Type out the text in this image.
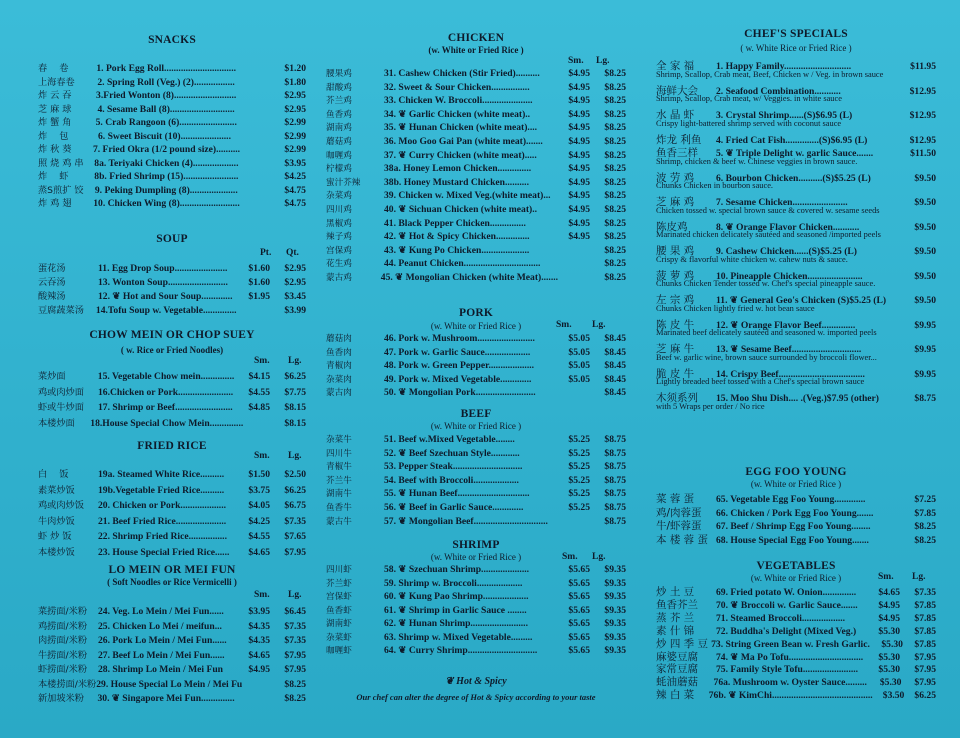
SNACKS
春　 卷	1. Pork Egg Roll..............................	$1.20
上海春卷	2. Spring Roll (Veg.) (2).................	$1.80
炸 云 吞	3.Fried Wonton (8)..........................	$2.95
芝 麻 球	4. Sesame Ball (8)...........................	$2.95
炸 蟹 角	5. Crab Rangoon (6)........................	$2.99
炸　 包	6. Sweet Biscuit (10).....................	$2.99
炸 秋 葵	7. Fried Okra (1/2 pound size)..........	$2.99
照 烧 鸡 串	8a. Teriyaki Chicken (4)...................	$3.95
炸　 虾	8b. Fried Shrimp (15).......................	$4.25
蒸S煎扩 饺	9. Peking Dumpling (8)....................	$4.75
炸 鸡 翅	10. Chicken Wing (8).........................	$4.75
SOUP
Pt. Qt.
蛋花汤	11. Egg Drop Soup......................	$1.60	$2.95
云吞汤	13. Wonton Soup.........................	$1.60	$2.95
酸辣汤	12. ❦ Hot and Sour Soup.............	$1.95	$3.45
豆腐蔬菜汤	14.Tofu Soup w. Vegetable..............	$3.99
CHOW MEIN OR CHOP SUEY
( w. Rice or Fried Noodles)
Sm. Lg.
菜炒面	15. Vegetable Chow mein..............	$4.15	$6.25
鸡或肉炒面	16.Chicken or Pork.......................	$4.55	$7.75
虾或牛炒面	17. Shrimp or Beef........................	$4.85	$8.15
本楼炒面	18.House Special Chow Mein..............	$8.15
FRIED RICE
Sm. Lg.
白　 饭	19a. Steamed White Rice..........	$1.50	$2.50
素菜炒饭	19b.Vegetable Fried Rice..........	$3.75	$6.25
鸡或肉炒饭	20. Chicken or Pork...................	$4.05	$6.75
牛肉炒饭	21. Beef Fried Rice.....................	$4.25	$7.35
虾 炒 饭	22. Shrimp Fried Rice................	$4.55	$7.65
本楼炒饭	23. House Special Fried Rice......	$4.65	$7.95
LO MEIN OR MEI FUN
( Soft Noodles or Rice Vermicelli )
Sm. Lg.
菜捞面/米粉	24. Veg. Lo Mein / Mei Fun......	$3.95	$6.45
鸡捞面/米粉	25. Chicken Lo Mei / meifun...	$4.35	$7.35
肉捞面/米粉	26. Pork Lo Mein / Mei Fun......	$4.35	$7.35
牛捞面/米粉	27. Beef Lo Mein / Mei Fun......	$4.65	$7.95
虾捞面/米粉	28. Shrimp Lo Mein / Mei Fun	$4.95	$7.95
本楼捞面/米粉 29. House Special Lo Mein / Mei Fu	$8.25
新加坡米粉	30. ❦ Singapore Mei Fun..............	$8.25
CHICKEN
(w. White or Fried Rice )
Sm. Lg.
腰果鸡	31. Cashew Chicken (Stir Fried)..........	$4.95	$8.25
甜酸鸡	32. Sweet & Sour Chicken................	$4.95	$8.25
芥兰鸡	33. Chicken W. Broccoli.....................	$4.95	$8.25
鱼香鸡	34. ❦ Garlic Chicken (white meat)..	$4.95	$8.25
湖南鸡	35. ❦ Hunan Chicken (white meat)....	$4.95	$8.25
蘑菇鸡	36. Moo Goo Gai Pan (white meat).......	$4.95	$8.25
咖喱鸡	37. ❦ Curry Chicken (white meat).....	$4.95	$8.25
柠檬鸡	38a. Honey Lemon Chicken..............	$4.95	$8.25
蜜汁芥辣	38b. Honey Mustard Chicken..........	$4.95	$8.25
杂菜鸡	39. Chicken w. Mixed Veg.(white meat)...	$4.95	$8.25
四川鸡	40. ❦ Sichuan Chicken (white meat)..	$4.95	$8.25
黑椒鸡	41. Black Pepper Chicken...............	$4.95	$8.25
辣子鸡	42. ❦ Hot & Spicy Chicken..............	$4.95	$8.25
宫保鸡	43. ❦ Kung Po Chicken....................	$8.25
花生鸡	44. Peanut Chicken................................	$8.25
蒙古鸡	45. ❦ Mongolian Chicken (white Meat).......	$8.25
PORK
(w. White or Fried Rice )	Sm. Lg.
蘑菇肉	46. Pork w. Mushroom........................	$5.05	$8.45
鱼香肉	47. Pork w. Garlic Sauce...................	$5.05	$8.45
青椒肉	48. Pork w. Green Pepper...................	$5.05	$8.45
杂菜肉	49. Pork w. Mixed Vegetable.............	$5.05	$8.45
蒙古肉	50. ❦ Mongolian Pork.........................	$8.45
BEEF
(w. White or Fried Rice )
杂菜牛	51. Beef w.Mixed Vegetable........	$5.25	$8.75
四川牛	52. ❦ Beef Szechuan Style............	$5.25	$8.75
青椒牛	53. Pepper Steak.............................	$5.25	$8.75
芥兰牛	54. Beef with Broccoli...................	$5.25	$8.75
湖南牛	55. ❦ Hunan Beef..............................	$5.25	$8.75
鱼香牛	56. ❦ Beef in Garlic Sauce.............	$5.25	$8.75
蒙古牛	57. ❦ Mongolian Beef...............................	$8.75
SHRIMP
(w. White or Fried Rice )	Sm. Lg.
四川虾	58. ❦ Szechuan Shrimp....................	$5.65	$9.35
芥兰虾	59. Shrimp w. Broccoli...................	$5.65	$9.35
宫保虾	60. ❦ Kung Pao Shrimp...................	$5.65	$9.35
鱼香虾	61. ❦ Shrimp in Garlic Sauce ........	$5.65	$9.35
湖南虾	62. ❦ Hunan Shrimp........................	$5.65	$9.35
杂菜虾	63. Shrimp w. Mixed Vegetable.........	$5.65	$9.35
咖喱虾	64. ❦ Curry Shrimp.............................	$5.65	$9.35
❦ Hot & Spicy
Our chef can alter the degree of Hot & Spicy according to your taste
CHEF'S SPECIALS
( w. White Rice or Fried Rice )
全 家 福	1. Happy Family............................	$11.95
Shrimp, Scallop, Crab meat, Beef, Chicken w / Veg. in brown sauce
海鲜大会	2. Seafood Combination...........	$12.95
Shrimp, Scallop, Crab meat, w/ Veggies. in white sauce
水 晶 虾	3. Crystal Shrimp......(S)$6.95 (L)	$12.95
Crispy light-battered shrimp served with coconut sauce
炸龙 利鱼	4. Fried Cat Fish..............(S)$6.95 (L)	$12.95
鱼香三样	5. ❦ Triple Delight w. garlic Sauce.......	$11.50
Shrimp, chicken & beef w. Chinese veggies in brown sauce.
波 劳 鸡	6. Bourbon Chicken..........(S)$5.25 (L)	$9.50
Chunks Chicken in bourbon sauce.
芝 麻 鸡	7. Sesame Chicken.......................	$9.50
Chicken tossed w. special brown sauce & covered w. sesame seeds
陈皮鸡	8. ❦ Orange Flavor Chicken...........	$9.50
Marinated chicken delicately sautéed and seasoned /imported peels
腰 果 鸡	9. Cashew Chicken......(S)$5.25 (L)	$9.50
Crispy & flavorful white chicken w. cahew nuts & sauce.
菠 萝 鸡	10. Pineapple Chicken.......................	$9.50
Chunks Chicken Tender tossed w. Chef's special pineapple sauce.
左 宗 鸡	11. ❦ General Geo's Chicken (S)$5.25 (L)	$9.50
Chunks Chicken lightly fried w. hot bean sauce
陈 皮 牛	12. ❦ Orange Flavor Beef..............	$9.95
Marinated beef delicately sautéed and seasoned w. imported peels
芝 麻 牛	13. ❦ Sesame Beef.............................	$9.95
Beef w. garlic wine, brown sauce surrounded by broccoli flower...
脆 皮 牛	14. Crispy Beef....................................	$9.95
Lightly breaded beef tossed with a Chef's special brown sauce
木须系列	15. Moo Shu Dish.... .(Veg.)$7.95 (other)	$8.75
with 5 Wraps per order / No rice
EGG FOO YOUNG
(w. White or Fried Rice )
菜 蓉 蛋	65. Vegetable Egg Foo Young.............	$7.25
鸡/肉蓉蛋	66. Chicken / Pork Egg Foo Young.......	$7.85
牛/虾蓉蛋	67. Beef / Shrimp Egg Foo Young........	$8.25
本 楼 蓉 蛋 68. House Special Egg Foo Young.......	$8.25
VEGETABLES
(w. White or Fried Rice )	Sm. Lg.
炒 土 豆	69. Fried potato W. Onion..............	$4.65	$7.35
鱼香芥兰	70. ❦ Broccoli w. Garlic Sauce.......	$4.95	$7.85
蒸 芥 兰	71. Steamed Broccoli..................	$4.95	$7.85
素 什 锦	72. Buddha's Delight (Mixed Veg.)	$5.30	$7.85
炒 四 季 豆 73. String Green Bean w. Fresh Garlic.	$5.30	$7.85
麻婆豆腐	74. ❦ Ma Po Tofu...............................	$5.30	$7.95
家常豆腐	75. Family Style Tofu.......................	$5.30	$7.95
蚝油蘑菇	76a. Mushroom w. Oyster Sauce.........	$5.30	$7.95
辣 白 菜	76b. ❦ KimChi..........................................	$3.50	$6.25
